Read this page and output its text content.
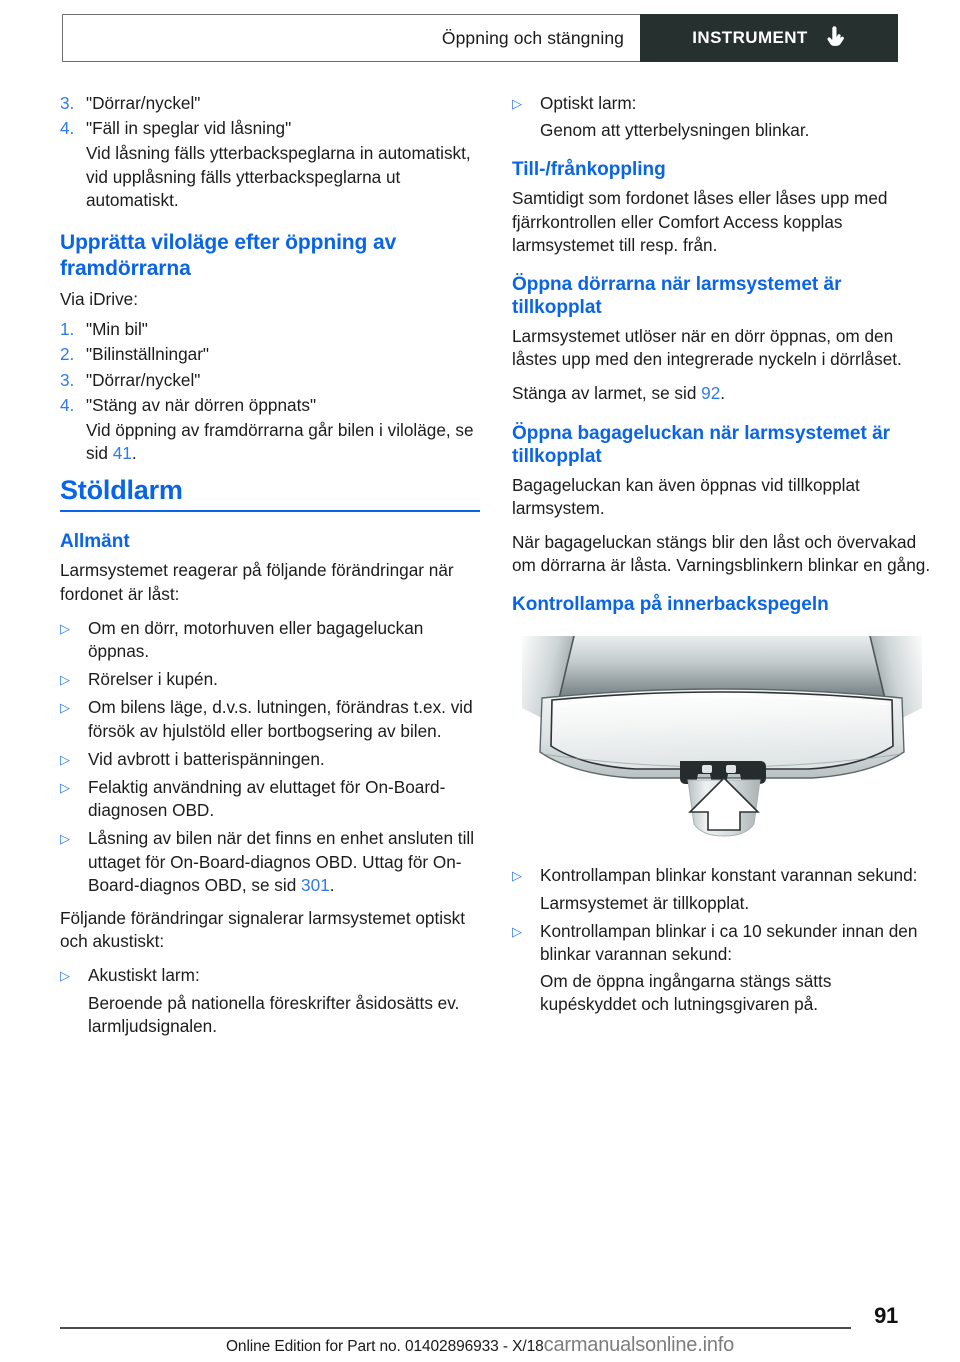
Öppning och stängning	INSTRUMENT
3. "Dörrar/nyckel"
4. "Fäll in speglar vid låsning"
Vid låsning fälls ytterbackspeglarna in automatiskt, vid upplåsning fälls ytterbackspeglarna ut automatiskt.
Upprätta viloläge efter öppning av framdörrarna

Via iDrive:

1. "Min bil"
2. "Bilinställningar"
3. "Dörrar/nyckel"
4. "Stäng av när dörren öppnats"
Vid öppning av framdörrarna går bilen i viloläge, se sid 41.
Stöldlarm
Allmänt

Larmsystemet reagerar på följande förändringar när fordonet är låst:

▷	Om en dörr, motorhuven eller bagageluckan öppnas.
▷	Rörelser i kupén.
▷	Om bilens läge, d.v.s. lutningen, förändras t.ex. vid försök av hjulstöld eller bortbogsering av bilen.
▷	Vid avbrott i batterispänningen.
▷	Felaktig användning av eluttaget för On-Board-diagnosen OBD.
▷	Låsning av bilen när det finns en enhet ansluten till uttaget för On-Board-diagnos OBD. Uttag för On-Board-diagnos OBD, se sid 301.

Följande förändringar signalerar larmsystemet optiskt och akustiskt:

▷	Akustiskt larm:
Beroende på nationella föreskrifter åsidosätts ev. larmljudsignalen.
▷	Optiskt larm:
Genom att ytterbelysningen blinkar.
Till-/frånkoppling

Samtidigt som fordonet låses eller låses upp med fjärrkontrollen eller Comfort Access kopplas larmsystemet till resp. från.

Öppna dörrarna när larmsystemet är tillkopplat

Larmsystemet utlöser när en dörr öppnas, om den låstes upp med den integrerade nyckeln i dörrlåset.

Stänga av larmet, se sid 92.

Öppna bagageluckan när larmsystemet är tillkopplat

Bagageluckan kan även öppnas vid tillkopplat larmsystem.

När bagageluckan stängs blir den låst och övervakad om dörrarna är låsta. Varningsblinkern blinkar en gång.

Kontrollampa på innerbackspegeln
▷	Kontrollampan blinkar konstant varannan sekund:
Larmsystemet är tillkopplat.
▷	Kontrollampan blinkar i ca 10 sekunder innan den blinkar varannan sekund:
Om de öppna ingångarna stängs sätts kupéskyddet och lutningsgivaren på.
91
Online Edition for Part no. 01402896933 - X/18carmanualsonline.info
